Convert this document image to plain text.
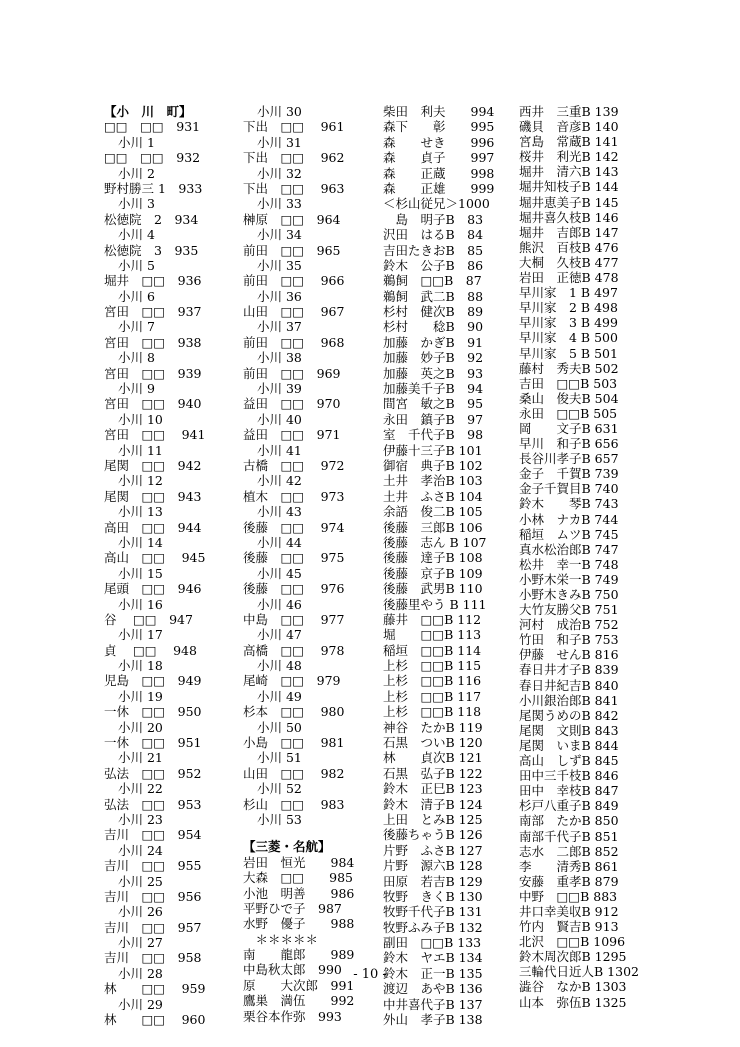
【小　川　町】
□□　□□　931
小川 1
□□　□□　932
小川 2
野村勝三 1　933
小川 3
松徳院　2　934
小川 4
松徳院　3　935
小川 5
堀井　□□　936
小川 6
宮田　□□　937
小川 7
宮田　□□　938
小川 8
宮田　□□　939
小川 9
宮田　□□　940
小川 10
宮田　□□　 941
小川 11
尾関　□□　942
小川 12
尾関　□□　943
小川 13
高田　□□　944
小川 14
高山　□□　 945
小川 15
尾頭　□□　946
小川 16
谷　 □□　947
小川 17
貞　 □□　 948
小川 18
児島　□□　949
小川 19
一休　□□　950
小川 20
一休　□□　951
小川 21
弘法　□□　952
小川 22
弘法　□□　953
小川 23
吉川　□□　954
小川 24
吉川　□□　955
小川 25
吉川　□□　956
小川 26
吉川　□□　957
小川 27
吉川　□□　958
小川 28
林　　□□　 959
小川 29
林　　□□　 960
小川 30
下出　□□　 961
小川 31
下出　□□　 962
小川 32
下出　□□　 963
小川 33
榊原　□□　964
小川 34
前田　□□　965
小川 35
前田　□□　 966
小川 36
山田　□□　 967
小川 37
前田　□□　 968
小川 38
前田　□□　969
小川 39
益田　□□　970
小川 40
益田　□□　971
小川 41
古橋　□□　 972
小川 42
植木　□□　 973
小川 43
後藤　□□　 974
小川 44
後藤　□□　 975
小川 45
後藤　□□　 976
小川 46
中島　□□　 977
小川 47
高橋　□□　 978
小川 48
尾崎　□□　979
小川 49
杉本　□□　 980
小川 50
小島　□□　 981
小川 51
山田　□□　 982
小川 52
杉山　□□　 983
小川 53
【三菱・名航】
岩田　恒光　　984
大森　□□　　985
小池　明善　　986
平野ひで子　987
水野　優子　　988
　＊＊＊＊＊
南　　龍郎　　989
中島秋太郎　990
原　　大次郎　991
鷹巣　満伍　　992
栗谷本作弥　993
柴田　利夫　　994
森下　　彰　　995
森　　せき　　996
森　　貞子　　997
森　　正蔵　　998
森　　正雄　　999
＜杉山従兄＞1000
　島　明子B　83
沢田　はるB　84
吉田たきおB　85
鈴木　公子B　86
鵜飼　□□B　87
鵜飼　武二B　88
杉村　健次B　89
杉村　　稔B　90
加藤　かぎB　91
加藤　妙子B　92
加藤　英之B　93
加藤美千子B　94
間宮　敏之B　95
永田　鎮子B　97
室　千代子B　98
伊藤十三子B 101
御宿　典子B 102
土井　孝治B 103
土井　ふさB 104
余語　俊二B 105
後藤　三郎B 106
後藤　志ん B 107
後藤　達子B 108
後藤　京子B 109
後藤　武男B 110
後藤里やう B 111
藤井　□□B 112
堀　　□□B 113
稲垣　□□B 114
上杉　□□B 115
上杉　□□B 116
上杉　□□B 117
上杉　□□B 118
神谷　たかB 119
石黒　ついB 120
林　　貞次B 121
石黒　弘子B 122
鈴木　正巳B 123
鈴木　清子B 124
上田　とみB 125
後藤ちゃうB 126
片野　ふさB 127
片野　源六B 128
田原　若吉B 129
牧野　きくB 130
牧野千代子B 131
牧野ふみ子B 132
副田　□□B 133
鈴木　ヤエB 134
鈴木　正一B 135
渡辺　あやB 136
中井喜代子B 137
外山　孝子B 138
西井　三重B 139
磯貝　音彦B 140
宮島　常蔵B 141
桜井　利光B 142
堀井　清六B 143
堀井知枝子B 144
堀井恵美子B 145
堀井喜久枝B 146
堀井　吉郎B 147
熊沢　百枝B 476
大桐　久枝B 477
岩田　正徳B 478
早川家　1 B 497
早川家　2 B 498
早川家　3 B 499
早川家　4 B 500
早川家　5 B 501
藤村　秀夫B 502
吉田　□□B 503
桑山　俊夫B 504
永田　□□B 505
岡　　文子B 631
早川　和子B 656
長谷川孝子B 657
金子　千賀B 739
金子千賀目B 740
鈴木　　琴B 743
小林　ナカB 744
稲垣　ムツB 745
真水松治郎B 747
松井　幸一B 748
小野木栄一B 749
小野木きみB 750
大竹友勝父B 751
河村　成治B 752
竹田　和子B 753
伊藤　せんB 816
春日井才子B 839
春日井紀吉B 840
小川銀治郎B 841
尾関うめのB 842
尾関　文則B 843
尾関　いまB 844
高山　しずB 845
田中三千枝B 846
田中　幸枝B 847
杉戸八重子B 849
南部　たかB 850
南部千代子B 851
志水　二郎B 852
李　　清秀B 861
安藤　重孝B 879
中野　□□B 883
井口幸美収B 912
竹内　賢吉B 913
北沢　□□B 1096
鈴木周次郎B 1295
三輪代日近人B 1302
澁谷　なかB 1303
山本　弥伍B 1325
- 10 -
